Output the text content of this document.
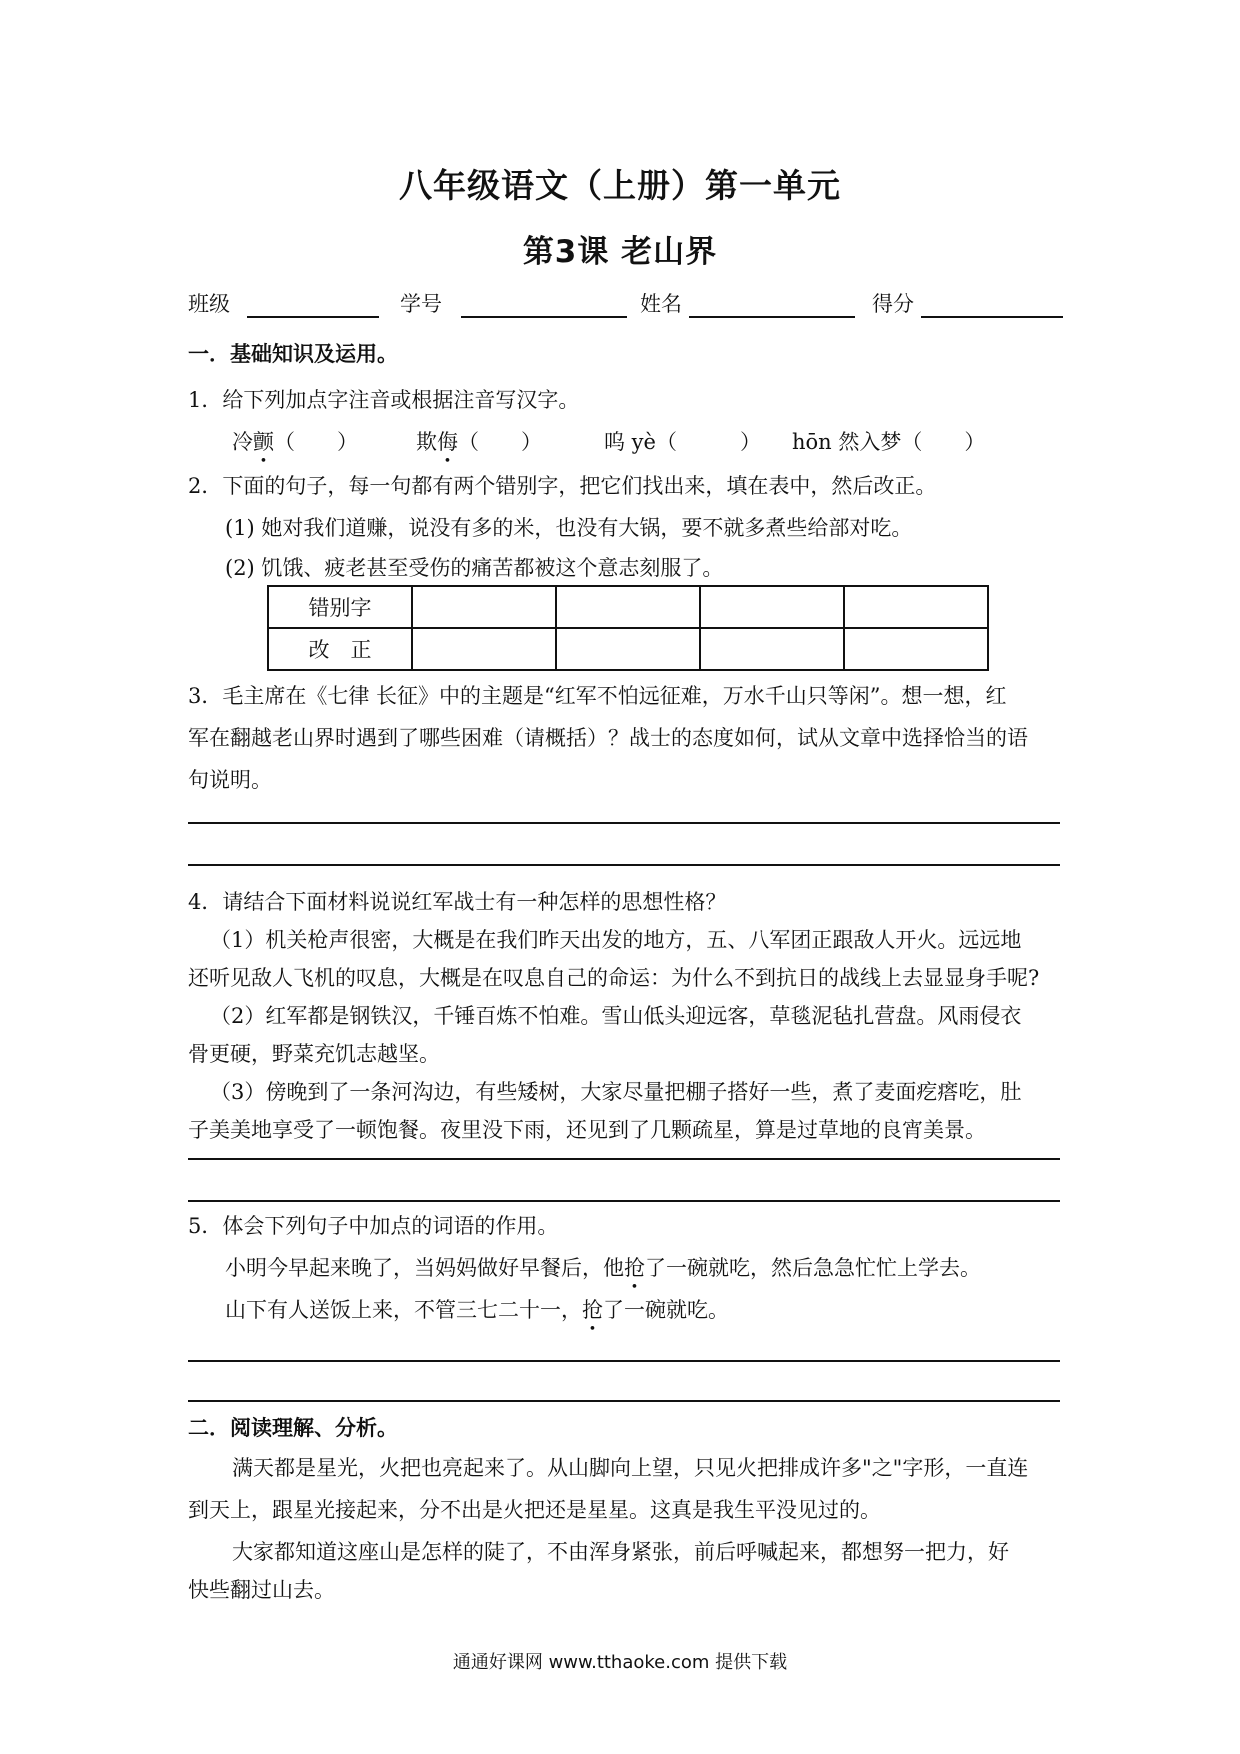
八年级语文（上册）第一单元
第3课 老山界
班级	学号	姓名	得分
一．基础知识及运用。
1．给下列加点字注音或根据注音写汉字。
冷颤（　　）	欺侮（　　）	呜 yè（　　　） hōn 然入梦（　　）
2．下面的句子，每一句都有两个错别字，把它们找出来，填在表中，然后改正。
(1) 她对我们道赚，说没有多的米，也没有大锅，要不就多煮些给部对吃。
(2) 饥饿、疲老甚至受伤的痛苦都被这个意志刻服了。
错别字				
改　正				
3．毛主席在《七律 长征》中的主题是“红军不怕远征难，万水千山只等闲”。想一想，红
军在翻越老山界时遇到了哪些困难（请概括）？战士的态度如何，试从文章中选择恰当的语
句说明。
4．请结合下面材料说说红军战士有一种怎样的思想性格？
（1）机关枪声很密，大概是在我们昨天出发的地方，五、八军团正跟敌人开火。远远地
还听见敌人飞机的叹息，大概是在叹息自己的命运：为什么不到抗日的战线上去显显身手呢?
（2）红军都是钢铁汉，千锤百炼不怕难。雪山低头迎远客，草毯泥毡扎营盘。风雨侵衣
骨更硬，野菜充饥志越坚。
（3）傍晚到了一条河沟边，有些矮树，大家尽量把棚子搭好一些，煮了麦面疙瘩吃，肚
子美美地享受了一顿饱餐。夜里没下雨，还见到了几颗疏星，算是过草地的良宵美景。
5．体会下列句子中加点的词语的作用。
小明今早起来晚了，当妈妈做好早餐后，他抢了一碗就吃，然后急急忙忙上学去。
山下有人送饭上来，不管三七二十一，抢了一碗就吃。
二．阅读理解、分析。
满天都是星光，火把也亮起来了。从山脚向上望，只见火把排成许多"之"字形，一直连
到天上，跟星光接起来，分不出是火把还是星星。这真是我生平没见过的。
大家都知道这座山是怎样的陡了，不由浑身紧张，前后呼喊起来，都想努一把力，好
快些翻过山去。
通通好课网 www.tthaoke.com 提供下载
